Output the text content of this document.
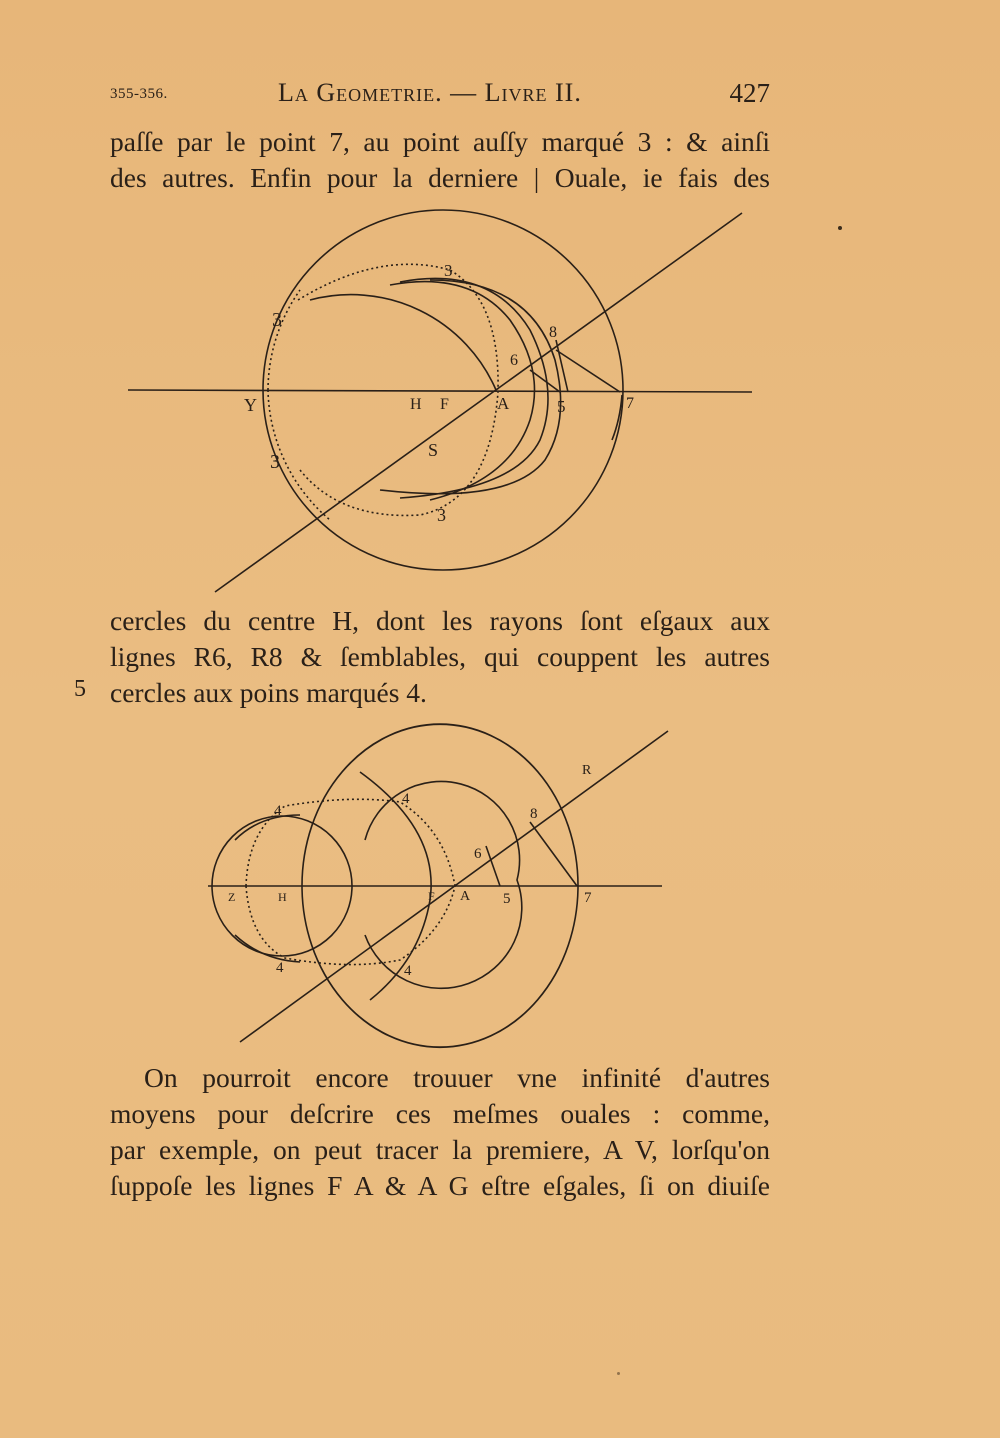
355-356.	La Geometrie. — Livre II.	427
paſſe par le point 7, au point auſſy marqué 3 : & ainſi
des autres. Enfin pour la derniere | Ouale, ie fais des
Y	H F	A	5	7
S
6
8
3
3
3
3
cercles du centre H, dont les rayons ſont eſgaux aux
lignes R6, R8 & ſemblables, qui couppent les autres
cercles aux poins marqués 4.
5
Z	H	F A 5	7
6
8
R
4
4
4	4
On pourroit encore trouuer vne infinité d'autres
moyens pour deſcrire ces meſmes ouales : comme,
par exemple, on peut tracer la premiere, A V, lorſqu'on
ſuppoſe les lignes F A & A G eſtre eſgales, ſi on diuiſe
